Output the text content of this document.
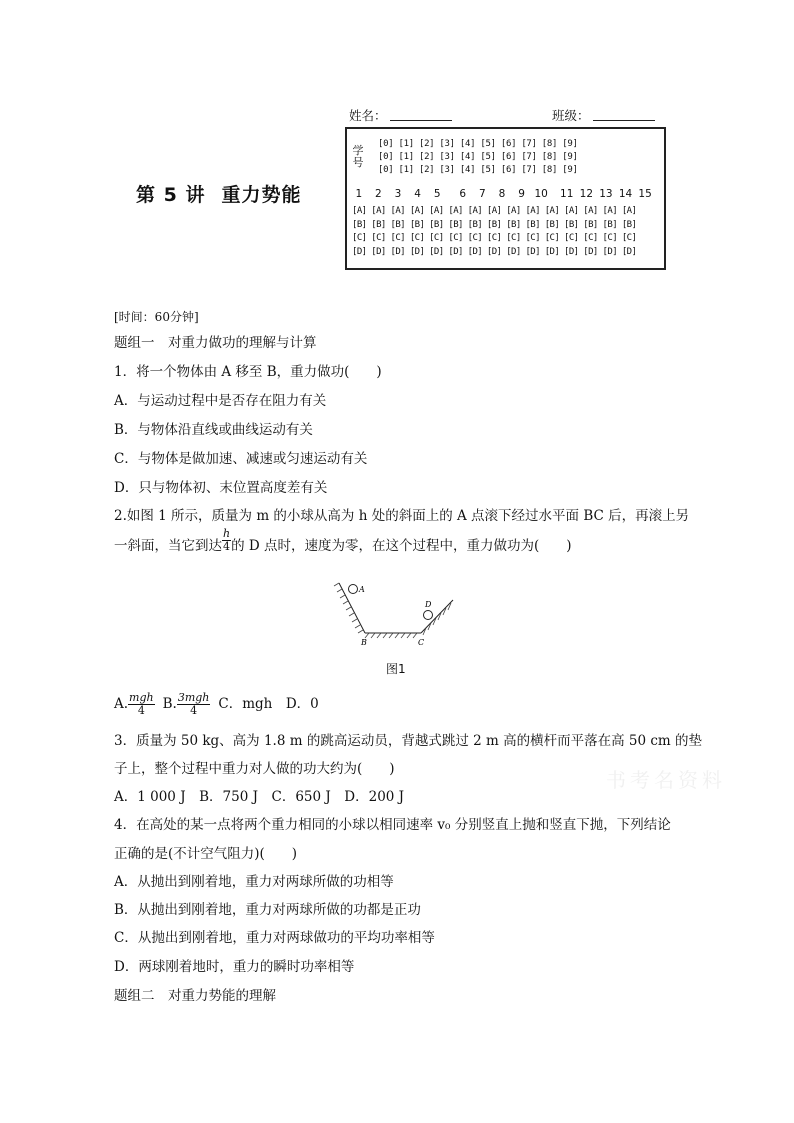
姓名：	班级：
第 5 讲 重力势能
学
号
[0] [1] [2] [3] [4] [5] [6] [7] [8] [9]
[0] [1] [2] [3] [4] [5] [6] [7] [8] [9]
[0] [1] [2] [3] [4] [5] [6] [7] [8] [9]
1	2	3	4	5	6	7	8	9 10 11 12 13 14 15
[A] [A] [A] [A] [A] [A] [A] [A] [A] [A] [A] [A] [A] [A] [A]
[B] [B] [B] [B] [B] [B] [B] [B] [B] [B] [B] [B] [B] [B] [B]
[C] [C] [C] [C] [C] [C] [C] [C] [C] [C] [C] [C] [C] [C] [C]
[D] [D] [D] [D] [D] [D] [D] [D] [D] [D] [D] [D] [D] [D] [D]
[时间：60分钟]
题组一　对重力做功的理解与计算
1．将一个物体由 A 移至 B，重力做功(　　)
A．与运动过程中是否存在阻力有关
B．与物体沿直线或曲线运动有关
C．与物体是做加速、减速或匀速运动有关
D．只与物体初、末位置高度差有关
2.如图 1 所示，质量为 m 的小球从高为 h 处的斜面上的 A 点滚下经过水平面 BC 后，再滚上另
一斜面，当它到达 $\frac{h}{4}$ 的 D 点时，速度为零，在这个过程中，重力做功为(　　)
A
D
B	C
图1
A. $\frac{\text{mgh}}{4} B$. $\frac{\text{3mgh}}{4}$ C．mgh　D．0
3．质量为 50 kg、高为 1.8 m 的跳高运动员，背越式跳过 2 m 高的横杆而平落在高 50 cm 的垫
子上，整个过程中重力对人做的功大约为(　　)
A．1 000 J　B．750 J　C．650 J　D．200 J
书考名资料
4．在高处的某一点将两个重力相同的小球以相同速率 v₀ 分别竖直上抛和竖直下抛，下列结论
正确的是(不计空气阻力)(　　)
A．从抛出到刚着地，重力对两球所做的功相等
B．从抛出到刚着地，重力对两球所做的功都是正功
C．从抛出到刚着地，重力对两球做功的平均功率相等
D．两球刚着地时，重力的瞬时功率相等
题组二　对重力势能的理解
